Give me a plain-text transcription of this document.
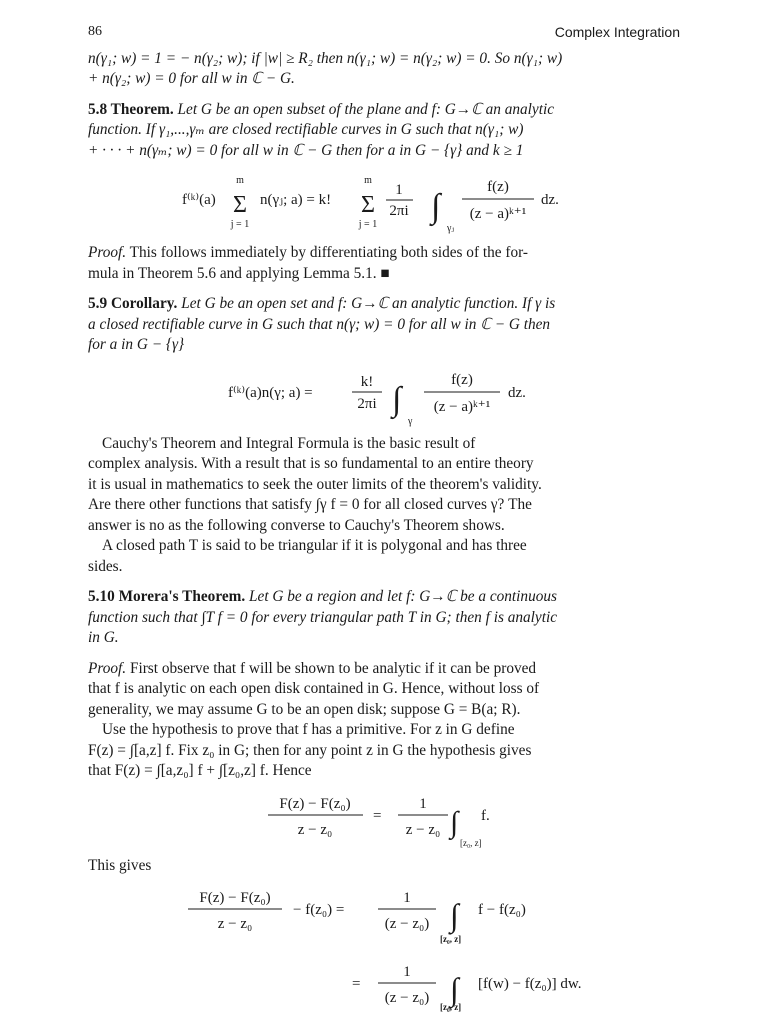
86	Complex Integration

n(γ₁; w) = 1 = − n(γ₂; w); if |w| ≥ R₂ then n(γ₁; w) = n(γ₂; w) = 0. So n(γ₁; w)
+ n(γ₂; w) = 0 for all w in ℂ − G.

5.8 Theorem. Let G be an open subset of the plane and f: G→ℂ an analytic
function. If γ₁,...,γₘ are closed rectifiable curves in G such that n(γ₁; w)
+ · · · + n(γₘ; w) = 0 for all w in ℂ − G then for a in G − {γ} and k ≥ 1

f⁽ᵏ⁾(a)
m
Σ
j = 1
n(γⱼ; a) = k!
m
Σ
j = 1
1
2πi ∫
γⱼ
f(z)
(z − a)ᵏ⁺¹
dz.

Proof. This follows immediately by differentiating both sides of the for-
mula in Theorem 5.6 and applying Lemma 5.1. ■

5.9 Corollary. Let G be an open set and f: G→ℂ an analytic function. If γ is
a closed rectifiable curve in G such that n(γ; w) = 0 for all w in ℂ − G then
for a in G − {γ}

f⁽ᵏ⁾(a)n(γ; a) =
k!
2πi ∫
γ
f(z)
(z − a)ᵏ⁺¹
dz.

Cauchy's Theorem and Integral Formula is the basic result of
complex analysis. With a result that is so fundamental to an entire theory
it is usual in mathematics to seek the outer limits of the theorem's validity.
Are there other functions that satisfy ∫γ f = 0 for all closed curves γ? The
answer is no as the following converse to Cauchy's Theorem shows.

A closed path T is said to be triangular if it is polygonal and has three
sides.

5.10 Morera's Theorem. Let G be a region and let f: G→ℂ be a continuous
function such that ∫T f = 0 for every triangular path T in G; then f is analytic
in G.

Proof. First observe that f will be shown to be analytic if it can be proved
that f is analytic on each open disk contained in G. Hence, without loss of
generality, we may assume G to be an open disk; suppose G = B(a; R).

Use the hypothesis to prove that f has a primitive. For z in G define
F(z) = ∫[a,z] f. Fix z₀ in G; then for any point z in G the hypothesis gives
that F(z) = ∫[a,z₀] f + ∫[z₀,z] f. Hence

F(z) − F(z₀)
z − z₀
=
1
z − z₀ ∫
[z₀, z]
f.

This gives

F(z) − F(z₀)
z − z₀
− f(z₀) =
1
(z − z₀) ∫
[z₀, z]
f − f(z₀)
=
1
(z − z₀) ∫
[z₀, z]
[f(w) − f(z₀)] dw.
